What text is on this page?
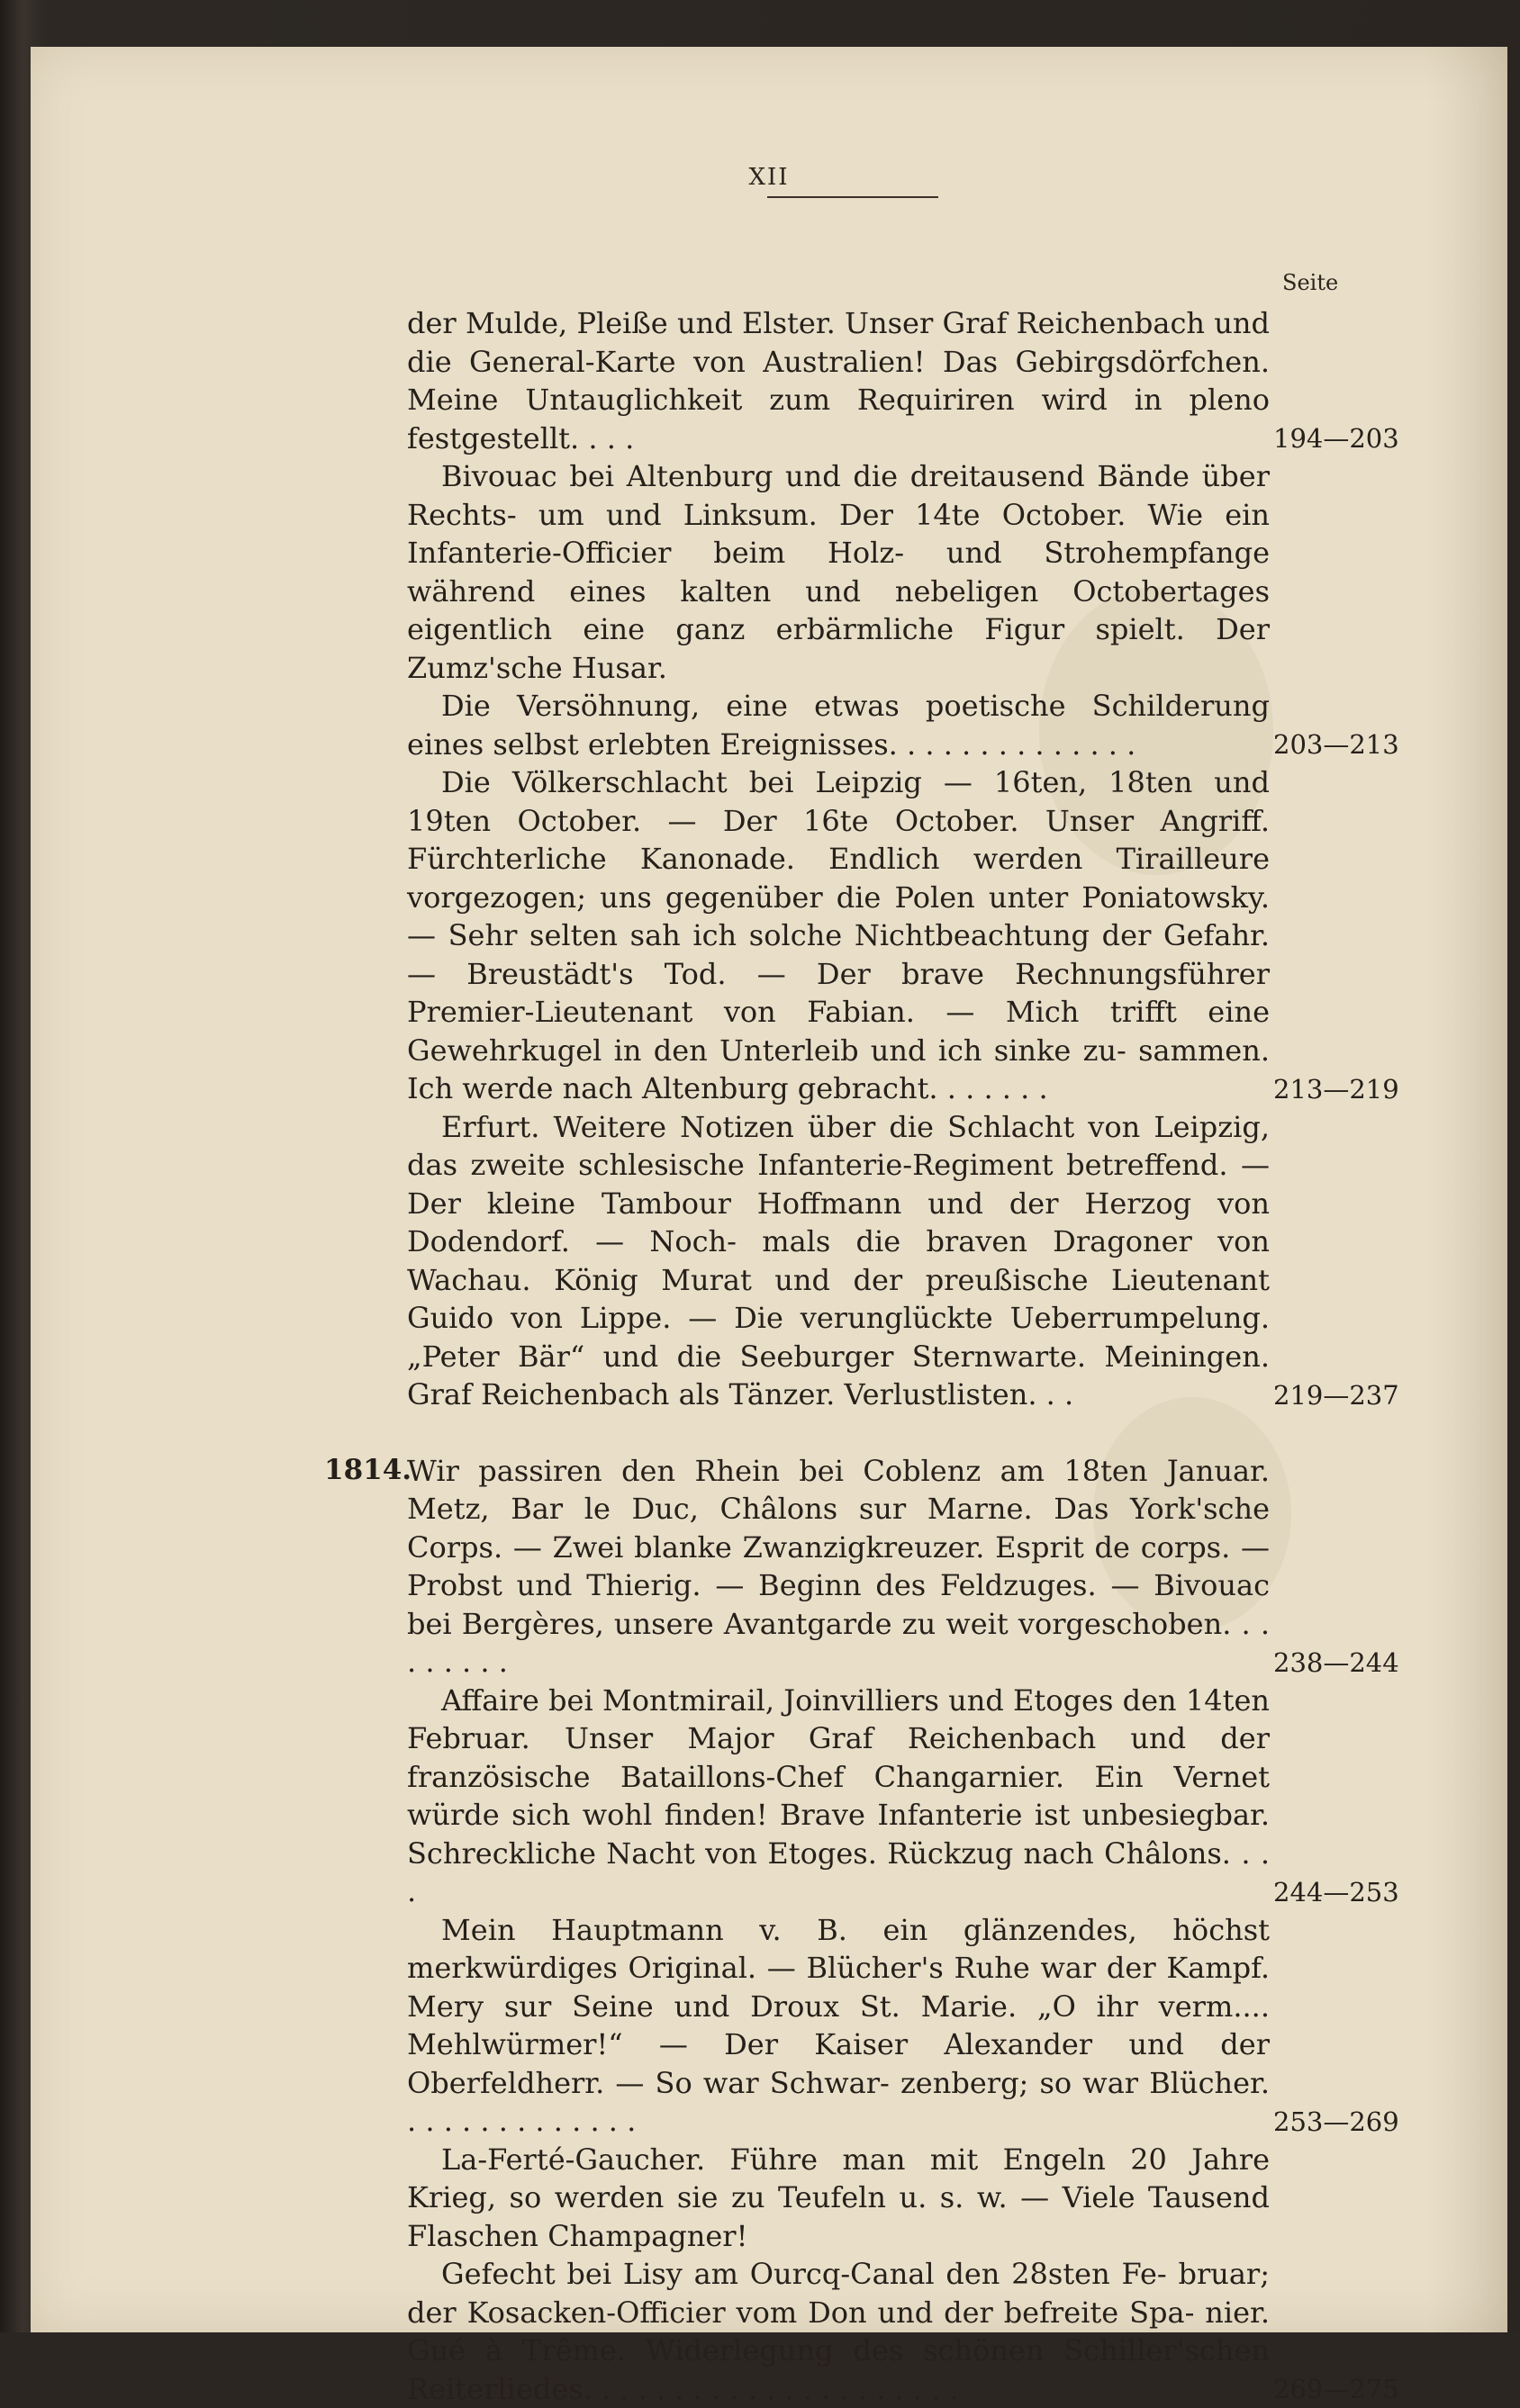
XII
Seite
der Mulde, Pleiße und Elster. Unser Graf Reichenbach und die General-Karte von Australien! Das Gebirgsdörfchen. Meine Untauglichkeit zum Requiriren wird in pleno festgestellt. . . .	194—203
Bivouac bei Altenburg und die dreitausend Bände über Rechts- um und Linksum. Der 14te October. Wie ein Infanterie-Officier beim Holz- und Strohempfange während eines kalten und nebeligen Octobertages eigentlich eine ganz erbärmliche Figur spielt. Der Zumz'sche Husar.
Die Versöhnung, eine etwas poetische Schilderung eines selbst erlebten Ereignisses. . . . . . . . . . . . . .	203—213
Die Völkerschlacht bei Leipzig — 16ten, 18ten und 19ten October. — Der 16te October. Unser Angriff. Fürchterliche Kanonade. Endlich werden Tirailleure vorgezogen; uns gegenüber die Polen unter Poniatowsky. — Sehr selten sah ich solche Nichtbeachtung der Gefahr. — Breustädt's Tod. — Der brave Rechnungsführer Premier-Lieutenant von Fabian. — Mich trifft eine Gewehrkugel in den Unterleib und ich sinke zu- sammen. Ich werde nach Altenburg gebracht. . . . . . .	213—219
Erfurt. Weitere Notizen über die Schlacht von Leipzig, das zweite schlesische Infanterie-Regiment betreffend. — Der kleine Tambour Hoffmann und der Herzog von Dodendorf. — Noch- mals die braven Dragoner von Wachau. König Murat und der preußische Lieutenant Guido von Lippe. — Die verunglückte Ueberrumpelung. „Peter Bär“ und die Seeburger Sternwarte. Meiningen. Graf Reichenbach als Tänzer. Verlustlisten. . .	219—237
1814.
Wir passiren den Rhein bei Coblenz am 18ten Januar. Metz, Bar le Duc, Châlons sur Marne. Das York'sche Corps. — Zwei blanke Zwanzigkreuzer. Esprit de corps. — Probst und Thierig. — Beginn des Feldzuges. — Bivouac bei Bergères, unsere Avantgarde zu weit vorgeschoben. . . . . . . . .	238—244
Affaire bei Montmirail, Joinvilliers und Etoges den 14ten Februar. Unser Major Graf Reichenbach und der französische Bataillons-Chef Changarnier. Ein Vernet würde sich wohl finden! Brave Infanterie ist unbesiegbar. Schreckliche Nacht von Etoges. Rückzug nach Châlons. . . .	244—253
Mein Hauptmann v. B. ein glänzendes, höchst merkwürdiges Original. — Blücher's Ruhe war der Kampf. Mery sur Seine und Droux St. Marie. „O ihr verm.... Mehlwürmer!“ — Der Kaiser Alexander und der Oberfeldherr. — So war Schwar- zenberg; so war Blücher. . . . . . . . . . . . . .	253—269
La-Ferté-Gaucher. Führe man mit Engeln 20 Jahre Krieg, so werden sie zu Teufeln u. s. w. — Viele Tausend Flaschen Champagner!
Gefecht bei Lisy am Ourcq-Canal den 28sten Fe- bruar; der Kosacken-Officier vom Don und der befreite Spa- nier. Gué à Trême. Widerlegung des schönen Schiller'schen Reiterliedes. . . . . . . . . . . . . . . . . . . . .	269—275
